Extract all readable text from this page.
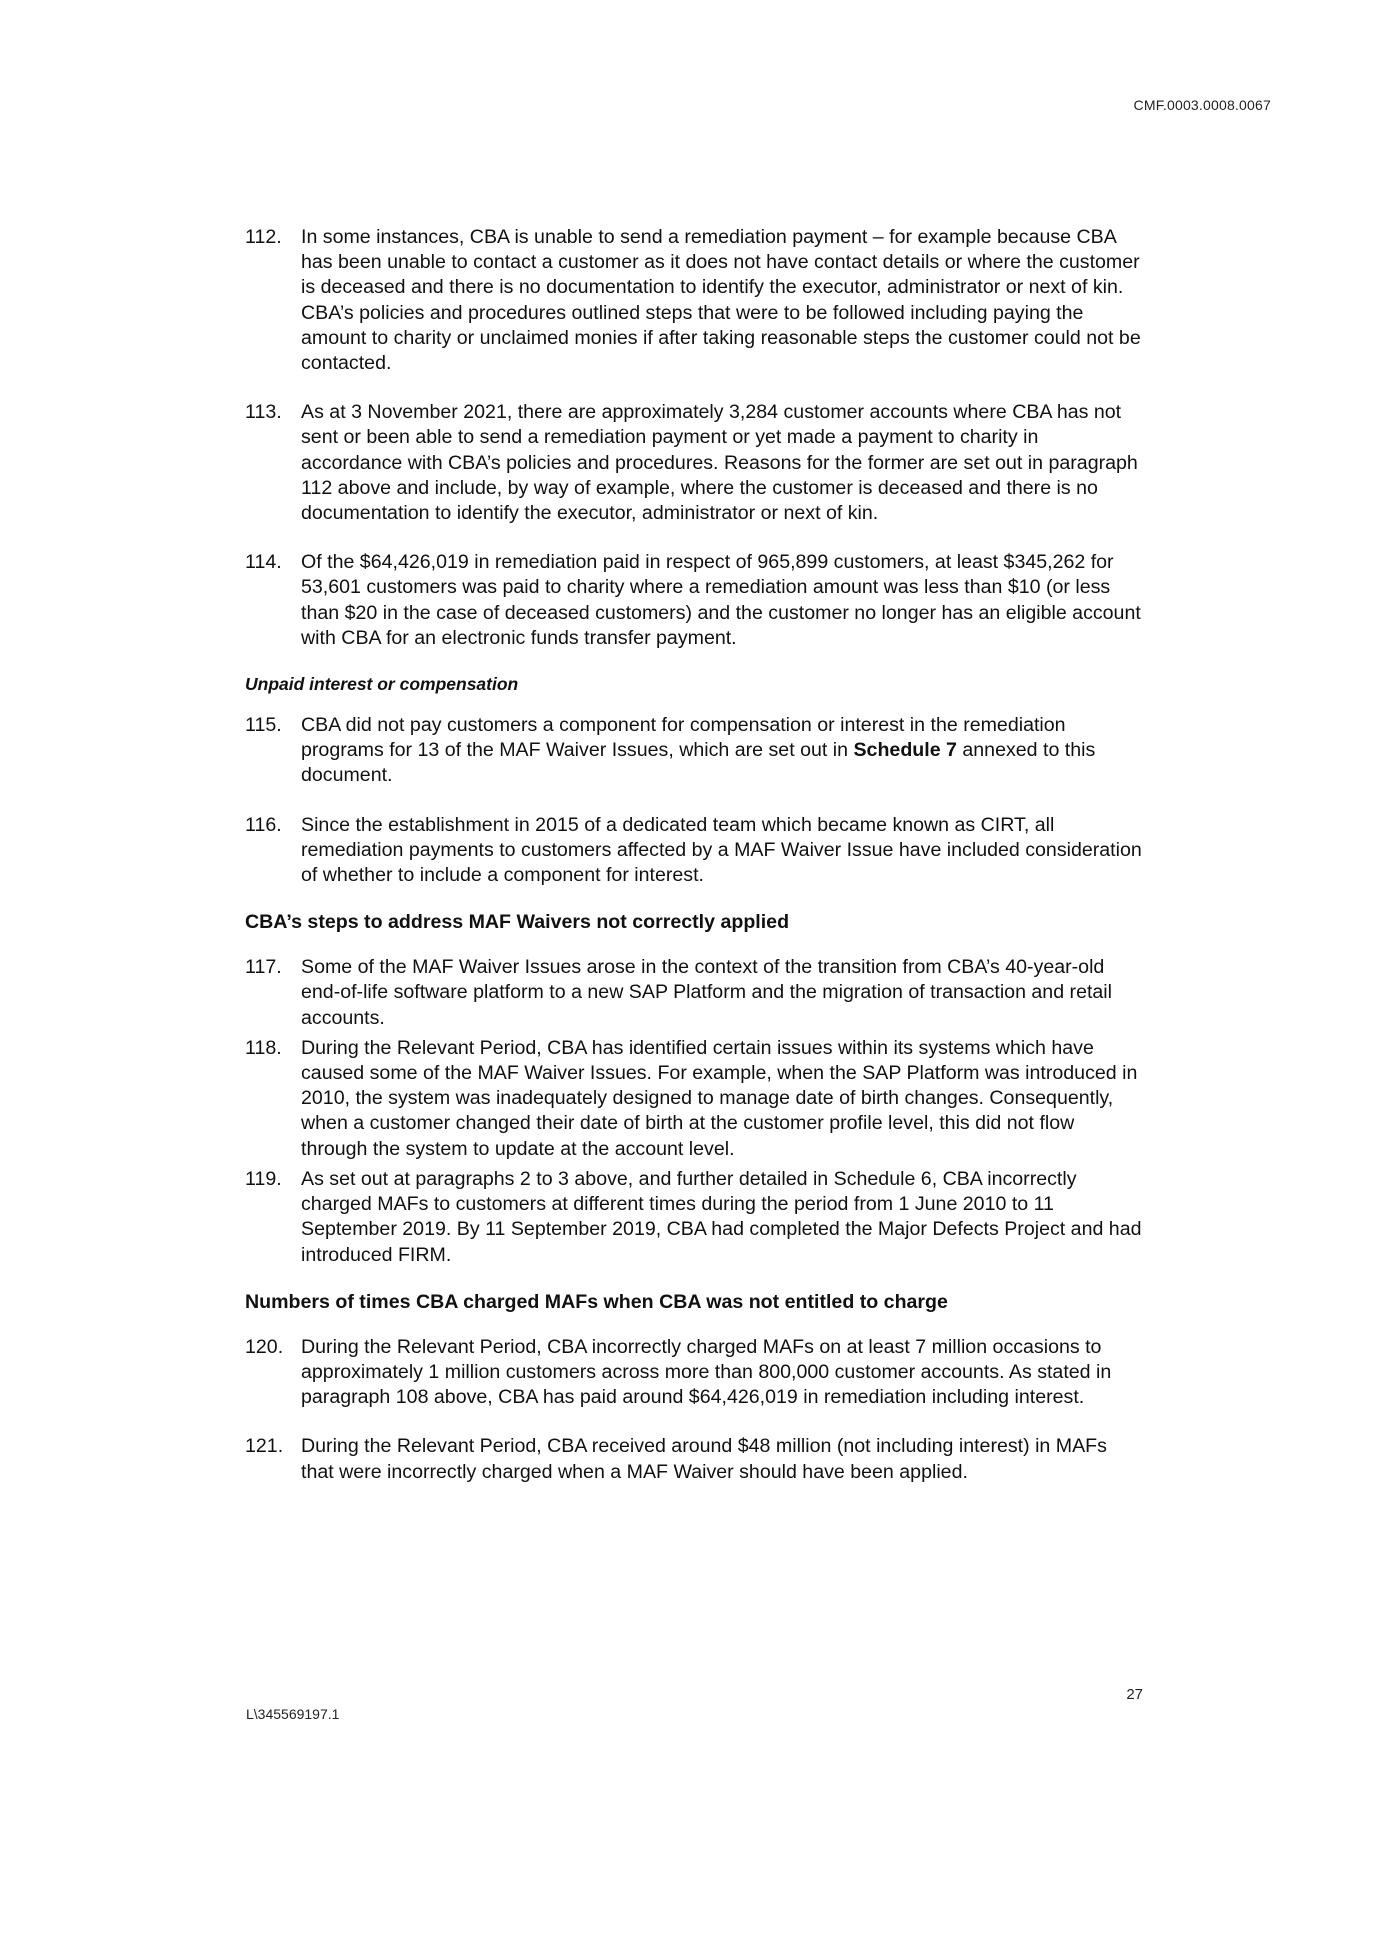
CMF.0003.0008.0067
112. In some instances, CBA is unable to send a remediation payment – for example because CBA has been unable to contact a customer as it does not have contact details or where the customer is deceased and there is no documentation to identify the executor, administrator or next of kin. CBA’s policies and procedures outlined steps that were to be followed including paying the amount to charity or unclaimed monies if after taking reasonable steps the customer could not be contacted.
113. As at 3 November 2021, there are approximately 3,284 customer accounts where CBA has not sent or been able to send a remediation payment or yet made a payment to charity in accordance with CBA’s policies and procedures. Reasons for the former are set out in paragraph 112 above and include, by way of example, where the customer is deceased and there is no documentation to identify the executor, administrator or next of kin.
114. Of the $64,426,019 in remediation paid in respect of 965,899 customers, at least $345,262 for 53,601 customers was paid to charity where a remediation amount was less than $10 (or less than $20 in the case of deceased customers) and the customer no longer has an eligible account with CBA for an electronic funds transfer payment.
Unpaid interest or compensation
115. CBA did not pay customers a component for compensation or interest in the remediation programs for 13 of the MAF Waiver Issues, which are set out in Schedule 7 annexed to this document.
116. Since the establishment in 2015 of a dedicated team which became known as CIRT, all remediation payments to customers affected by a MAF Waiver Issue have included consideration of whether to include a component for interest.
CBA’s steps to address MAF Waivers not correctly applied
117. Some of the MAF Waiver Issues arose in the context of the transition from CBA’s 40-year-old end-of-life software platform to a new SAP Platform and the migration of transaction and retail accounts.
118. During the Relevant Period, CBA has identified certain issues within its systems which have caused some of the MAF Waiver Issues. For example, when the SAP Platform was introduced in 2010, the system was inadequately designed to manage date of birth changes. Consequently, when a customer changed their date of birth at the customer profile level, this did not flow through the system to update at the account level.
119. As set out at paragraphs 2 to 3 above, and further detailed in Schedule 6, CBA incorrectly charged MAFs to customers at different times during the period from 1 June 2010 to 11 September 2019. By 11 September 2019, CBA had completed the Major Defects Project and had introduced FIRM.
Numbers of times CBA charged MAFs when CBA was not entitled to charge
120. During the Relevant Period, CBA incorrectly charged MAFs on at least 7 million occasions to approximately 1 million customers across more than 800,000 customer accounts. As stated in paragraph 108 above, CBA has paid around $64,426,019 in remediation including interest.
121. During the Relevant Period, CBA received around $48 million (not including interest) in MAFs that were incorrectly charged when a MAF Waiver should have been applied.
27
L\345569197.1
